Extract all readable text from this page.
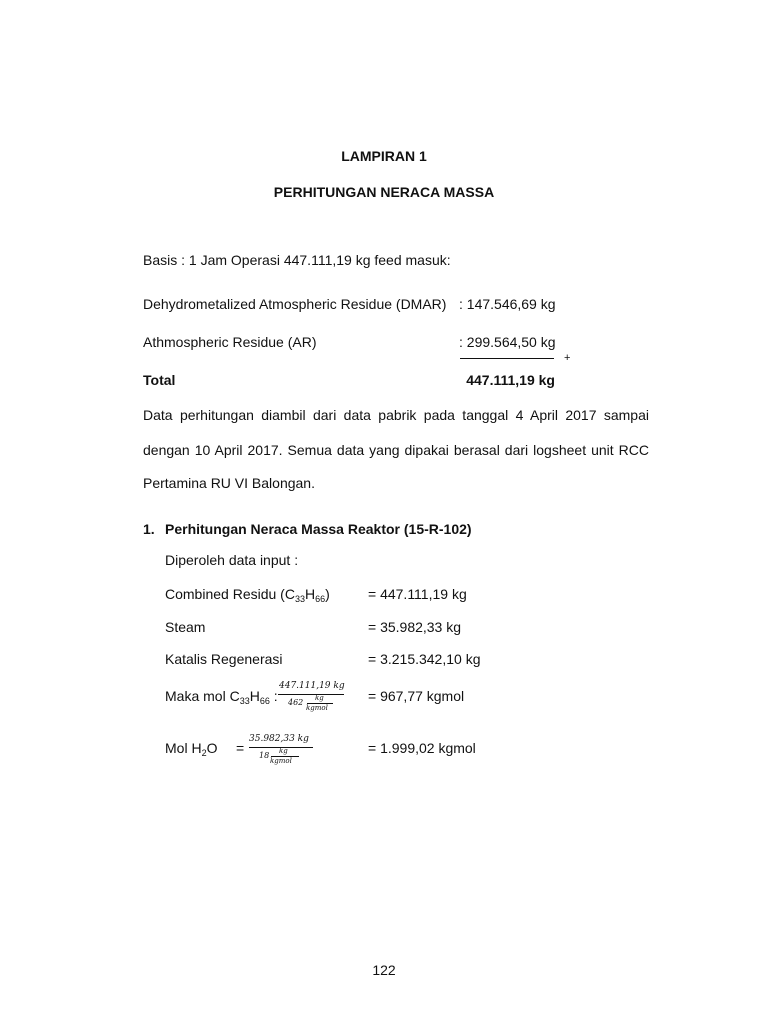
LAMPIRAN 1
PERHITUNGAN NERACA MASSA
Basis : 1 Jam Operasi 447.111,19 kg feed masuk:
Dehydrometalized Atmospheric Residue (DMAR) : 147.546,69 kg
Athmospheric Residue (AR)	: 299.564,50 kg
+
Total	447.111,19 kg
Data perhitungan diambil dari data pabrik pada tanggal 4 April 2017 sampai
dengan 10 April 2017. Semua data yang dipakai berasal dari logsheet unit RCC
Pertamina RU VI Balongan.
1. Perhitungan Neraca Massa Reaktor (15-R-102)
Diperoleh data input :
Combined Residu $(C_{33}H_{66})$	= 447.111,19 kg
Steam	= 35.982,33 kg
Katalis Regenerasi	= 3.215.342,10 kg
Maka mol $C_{33}H_{66}$ :
447.111,19 kg
462 kg
kgmol
= 967,77 kgmol
Mol $H_2O$ =
35.982,33 kg
18 kg
kgmol
= 1.999,02 kgmol
122
